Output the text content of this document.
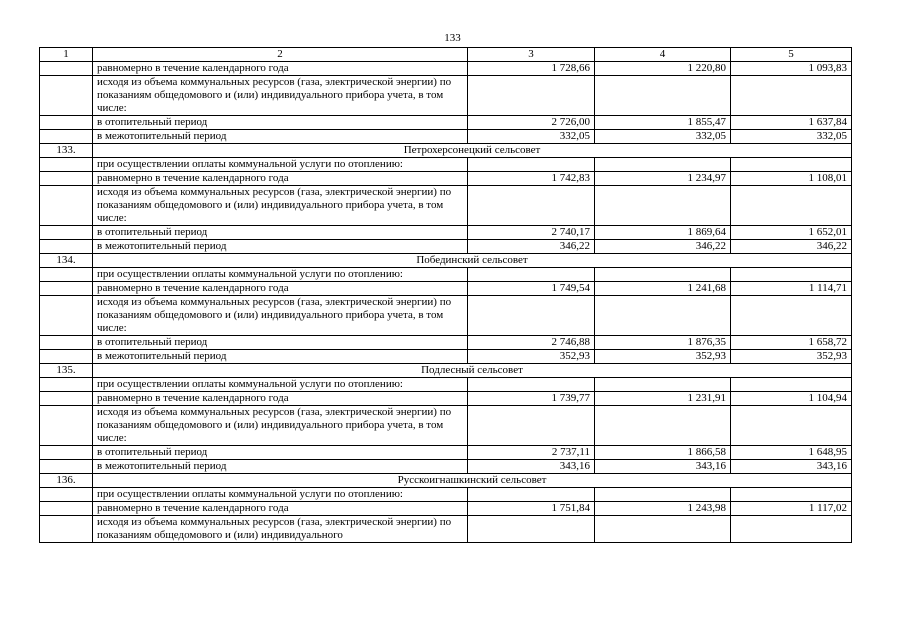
133
1	2	3	4	5
	равномерно в течение календарного года	1 728,66	1 220,80	1 093,83
	исходя из объема коммунальных ресурсов (газа, электрической энергии) по показаниям общедомового и (или) индивидуального прибора учета, в том числе:			
	в отопительный период	2 726,00	1 855,47	1 637,84
	в межотопительный период	332,05	332,05	332,05
133.	Петрохерсонецкий сельсовет			
	при осуществлении оплаты коммунальной услуги по отоплению:			
	равномерно в течение календарного года	1 742,83	1 234,97	1 108,01
	исходя из объема коммунальных ресурсов (газа, электрической энергии) по показаниям общедомового и (или) индивидуального прибора учета, в том числе:			
	в отопительный период	2 740,17	1 869,64	1 652,01
	в межотопительный период	346,22	346,22	346,22
134.	Побединский сельсовет			
	при осуществлении оплаты коммунальной услуги по отоплению:			
	равномерно в течение календарного года	1 749,54	1 241,68	1 114,71
	исходя из объема коммунальных ресурсов (газа, электрической энергии) по показаниям общедомового и (или) индивидуального прибора учета, в том числе:			
	в отопительный период	2 746,88	1 876,35	1 658,72
	в межотопительный период	352,93	352,93	352,93
135.	Подлесный сельсовет			
	при осуществлении оплаты коммунальной услуги по отоплению:			
	равномерно в течение календарного года	1 739,77	1 231,91	1 104,94
	исходя из объема коммунальных ресурсов (газа, электрической энергии) по показаниям общедомового и (или) индивидуального прибора учета, в том числе:			
	в отопительный период	2 737,11	1 866,58	1 648,95
	в межотопительный период	343,16	343,16	343,16
136.	Русскоигнашкинский сельсовет			
	при осуществлении оплаты коммунальной услуги по отоплению:			
	равномерно в течение календарного года	1 751,84	1 243,98	1 117,02
	исходя из объема коммунальных ресурсов (газа, электрической энергии) по показаниям общедомового и (или) индивидуального			
